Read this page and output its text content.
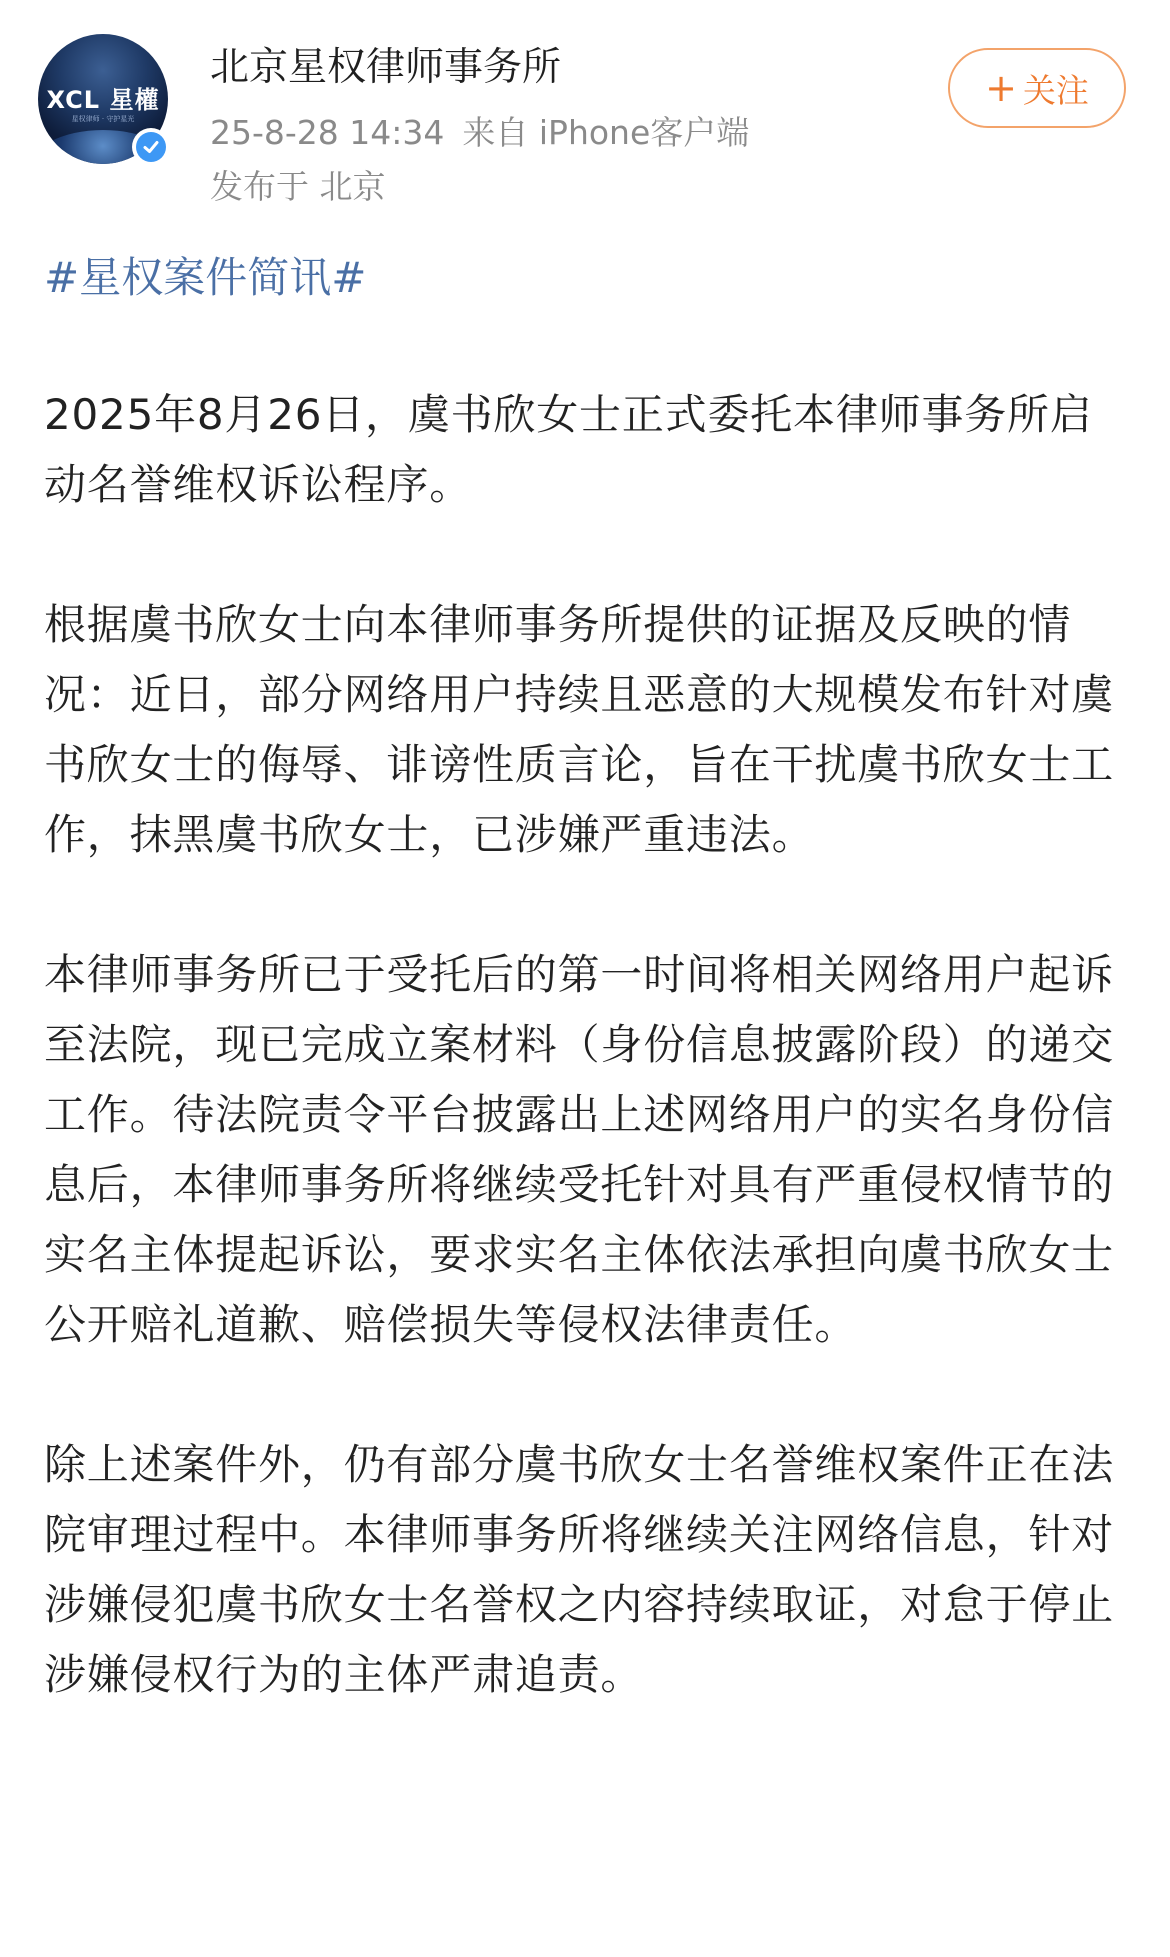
XCL 星權
星权律师 · 守护星光
北京星权律师事务所
25-8-28 14:34 来自 iPhone客户端
发布于 北京
+ 关注
#星权案件简讯#

2025年8月26日，虞书欣女士正式委托本律师事务所启动名誉维权诉讼程序。

根据虞书欣女士向本律师事务所提供的证据及反映的情况：近日，部分网络用户持续且恶意的大规模发布针对虞书欣女士的侮辱、诽谤性质言论，旨在干扰虞书欣女士工作，抹黑虞书欣女士，已涉嫌严重违法。

本律师事务所已于受托后的第一时间将相关网络用户起诉至法院，现已完成立案材料（身份信息披露阶段）的递交工作。待法院责令平台披露出上述网络用户的实名身份信息后，本律师事务所将继续受托针对具有严重侵权情节的实名主体提起诉讼，要求实名主体依法承担向虞书欣女士公开赔礼道歉、赔偿损失等侵权法律责任。

除上述案件外，仍有部分虞书欣女士名誉维权案件正在法院审理过程中。本律师事务所将继续关注网络信息，针对涉嫌侵犯虞书欣女士名誉权之内容持续取证，对怠于停止涉嫌侵权行为的主体严肃追责。
